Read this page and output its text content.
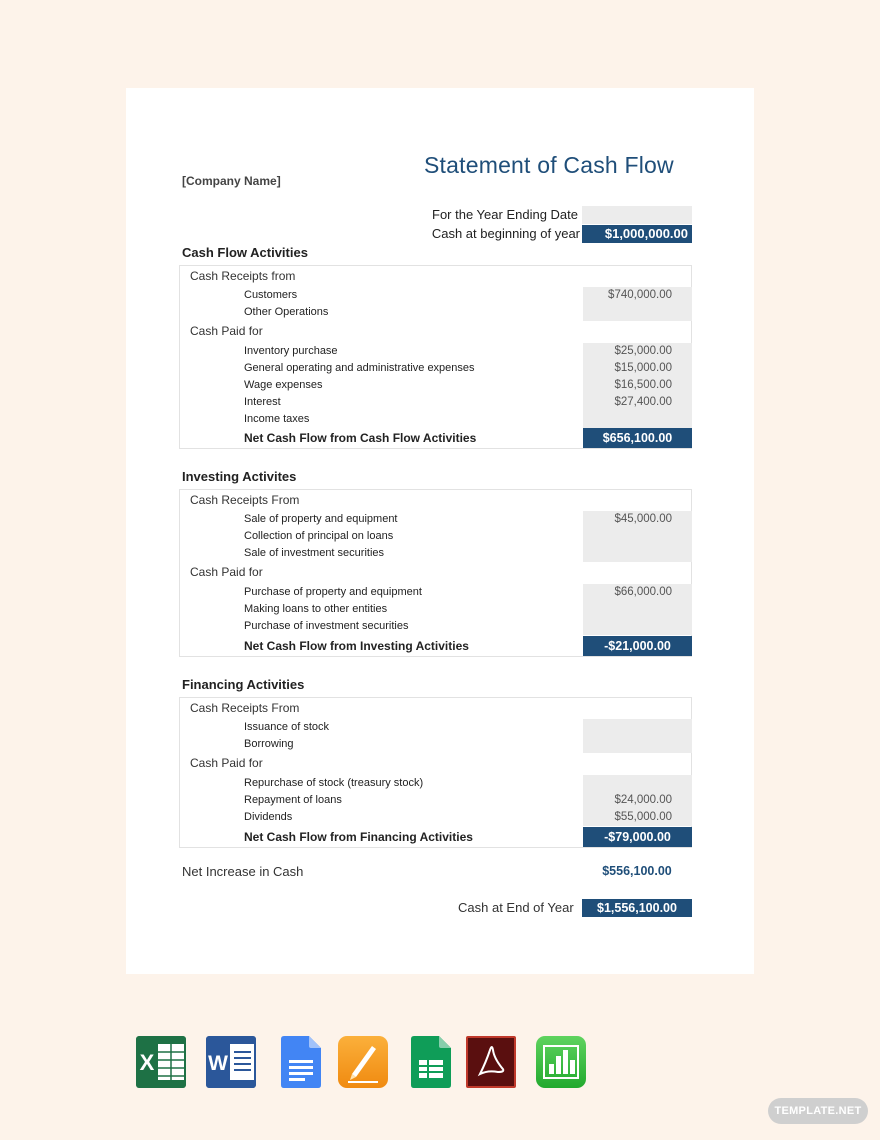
Statement of Cash Flow
[Company Name]
For the Year Ending Date
Cash at beginning of year	$1,000,000.00
Cash Flow Activities
Cash Receipts from
Customers	$740,000.00
Other Operations
Cash Paid for
Inventory purchase	$25,000.00
General operating and administrative expenses	$15,000.00
Wage expenses	$16,500.00
Interest	$27,400.00
Income taxes
Net Cash Flow from Cash Flow Activities	$656,100.00
Investing Activites
Cash Receipts From
Sale of property and equipment	$45,000.00
Collection of principal on loans
Sale of investment securities
Cash Paid for
Purchase of property and equipment	$66,000.00
Making loans to other entities
Purchase of investment securities
Net Cash Flow from Investing Activities	-$21,000.00
Financing Activities
Cash Receipts From
Issuance of stock
Borrowing
Cash Paid for
Repurchase of stock (treasury stock)
Repayment of loans	$24,000.00
Dividends	$55,000.00
Net Cash Flow from Financing Activities	-$79,000.00
Net Increase in Cash	$556,100.00
Cash at End of Year	$1,556,100.00
X	W
TEMPLATE.NET
